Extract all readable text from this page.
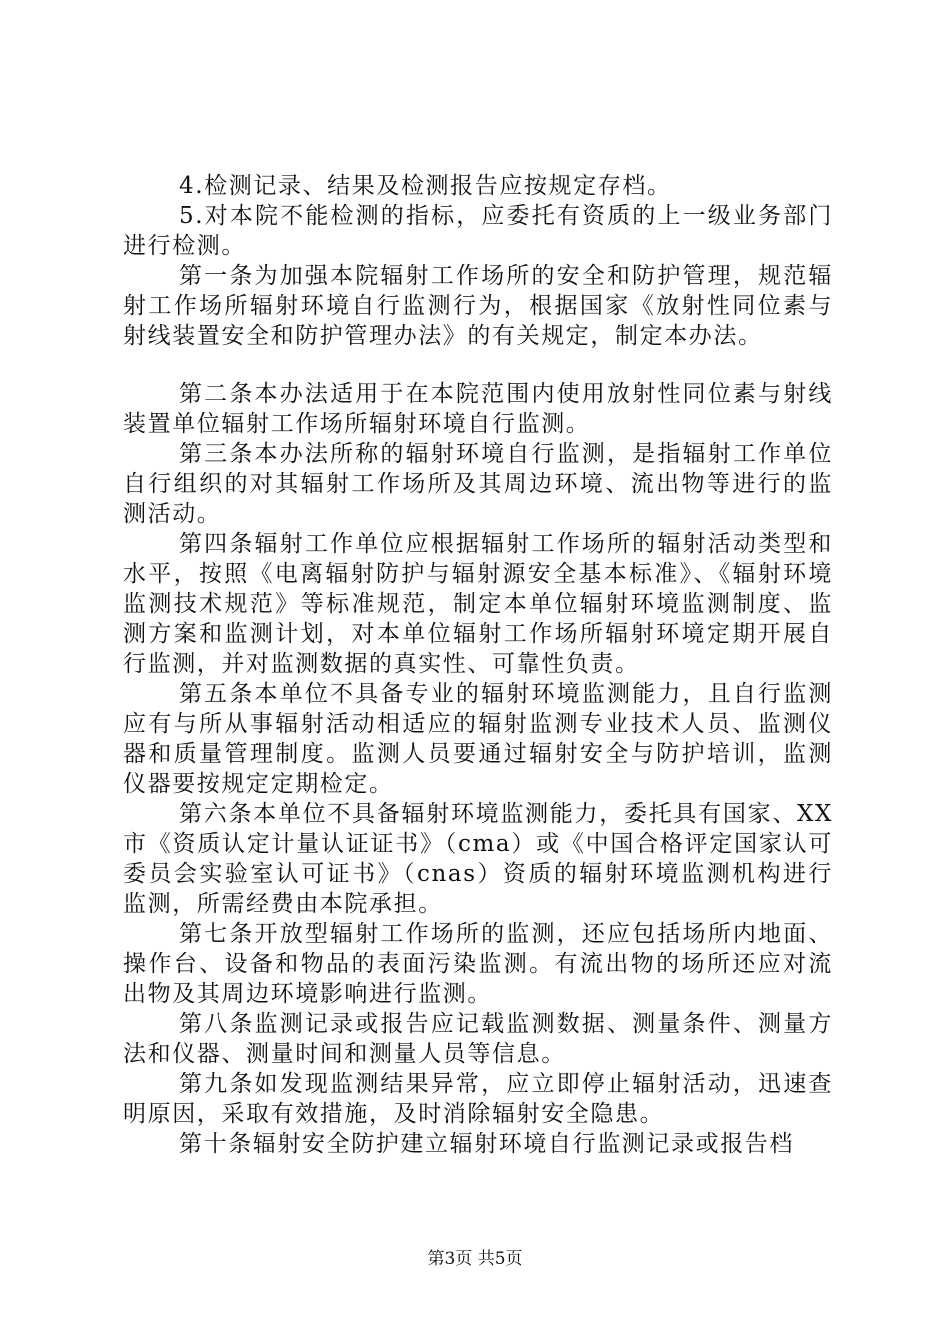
4.检测记录、结果及检测报告应按规定存档。

5.对本院不能检测的指标，应委托有资质的上一级业务部门进行检测。

第一条为加强本院辐射工作场所的安全和防护管理，规范辐射工作场所辐射环境自行监测行为，根据国家《放射性同位素与射线装置安全和防护管理办法》的有关规定，制定本办法。

第二条本办法适用于在本院范围内使用放射性同位素与射线装置单位辐射工作场所辐射环境自行监测。

第三条本办法所称的辐射环境自行监测，是指辐射工作单位自行组织的对其辐射工作场所及其周边环境、流出物等进行的监测活动。

第四条辐射工作单位应根据辐射工作场所的辐射活动类型和水平，按照《电离辐射防护与辐射源安全基本标准》、《辐射环境监测技术规范》等标准规范，制定本单位辐射环境监测制度、监测方案和监测计划，对本单位辐射工作场所辐射环境定期开展自行监测，并对监测数据的真实性、可靠性负责。

第五条本单位不具备专业的辐射环境监测能力，且自行监测应有与所从事辐射活动相适应的辐射监测专业技术人员、监测仪器和质量管理制度。监测人员要通过辐射安全与防护培训，监测仪器要按规定定期检定。

第六条本单位不具备辐射环境监测能力，委托具有国家、XX市《资质认定计量认证证书》（cma）或《中国合格评定国家认可委员会实验室认可证书》（cnas）资质的辐射环境监测机构进行监测，所需经费由本院承担。

第七条开放型辐射工作场所的监测，还应包括场所内地面、操作台、设备和物品的表面污染监测。有流出物的场所还应对流出物及其周边环境影响进行监测。

第八条监测记录或报告应记载监测数据、测量条件、测量方法和仪器、测量时间和测量人员等信息。

第九条如发现监测结果异常，应立即停止辐射活动，迅速查明原因，采取有效措施，及时消除辐射安全隐患。

第十条辐射安全防护建立辐射环境自行监测记录或报告档

第3页 共5页
